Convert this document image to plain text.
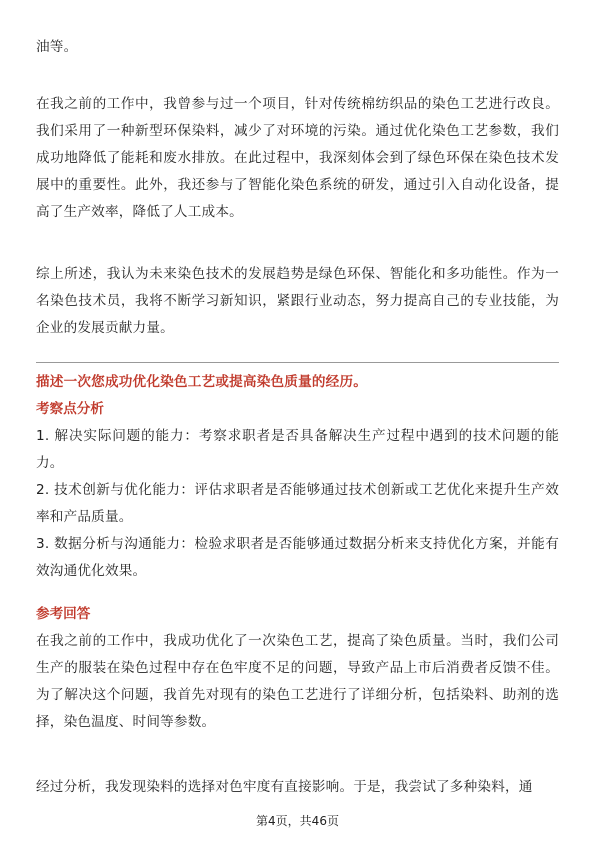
油等。

在我之前的工作中，我曾参与过一个项目，针对传统棉纺织品的染色工艺进行改良。我们采用了一种新型环保染料，减少了对环境的污染。通过优化染色工艺参数，我们成功地降低了能耗和废水排放。在此过程中，我深刻体会到了绿色环保在染色技术发展中的重要性。此外，我还参与了智能化染色系统的研发，通过引入自动化设备，提高了生产效率，降低了人工成本。

综上所述，我认为未来染色技术的发展趋势是绿色环保、智能化和多功能性。作为一名染色技术员，我将不断学习新知识，紧跟行业动态，努力提高自己的专业技能，为企业的发展贡献力量。

描述一次您成功优化染色工艺或提高染色质量的经历。

考察点分析

1. 解决实际问题的能力：考察求职者是否具备解决生产过程中遇到的技术问题的能力。

2. 技术创新与优化能力：评估求职者是否能够通过技术创新或工艺优化来提升生产效率和产品质量。

3. 数据分析与沟通能力：检验求职者是否能够通过数据分析来支持优化方案，并能有效沟通优化效果。

参考回答

在我之前的工作中，我成功优化了一次染色工艺，提高了染色质量。当时，我们公司生产的服装在染色过程中存在色牢度不足的问题，导致产品上市后消费者反馈不佳。为了解决这个问题，我首先对现有的染色工艺进行了详细分析，包括染料、助剂的选择，染色温度、时间等参数。

经过分析，我发现染料的选择对色牢度有直接影响。于是，我尝试了多种染料，通

第4页，共46页
